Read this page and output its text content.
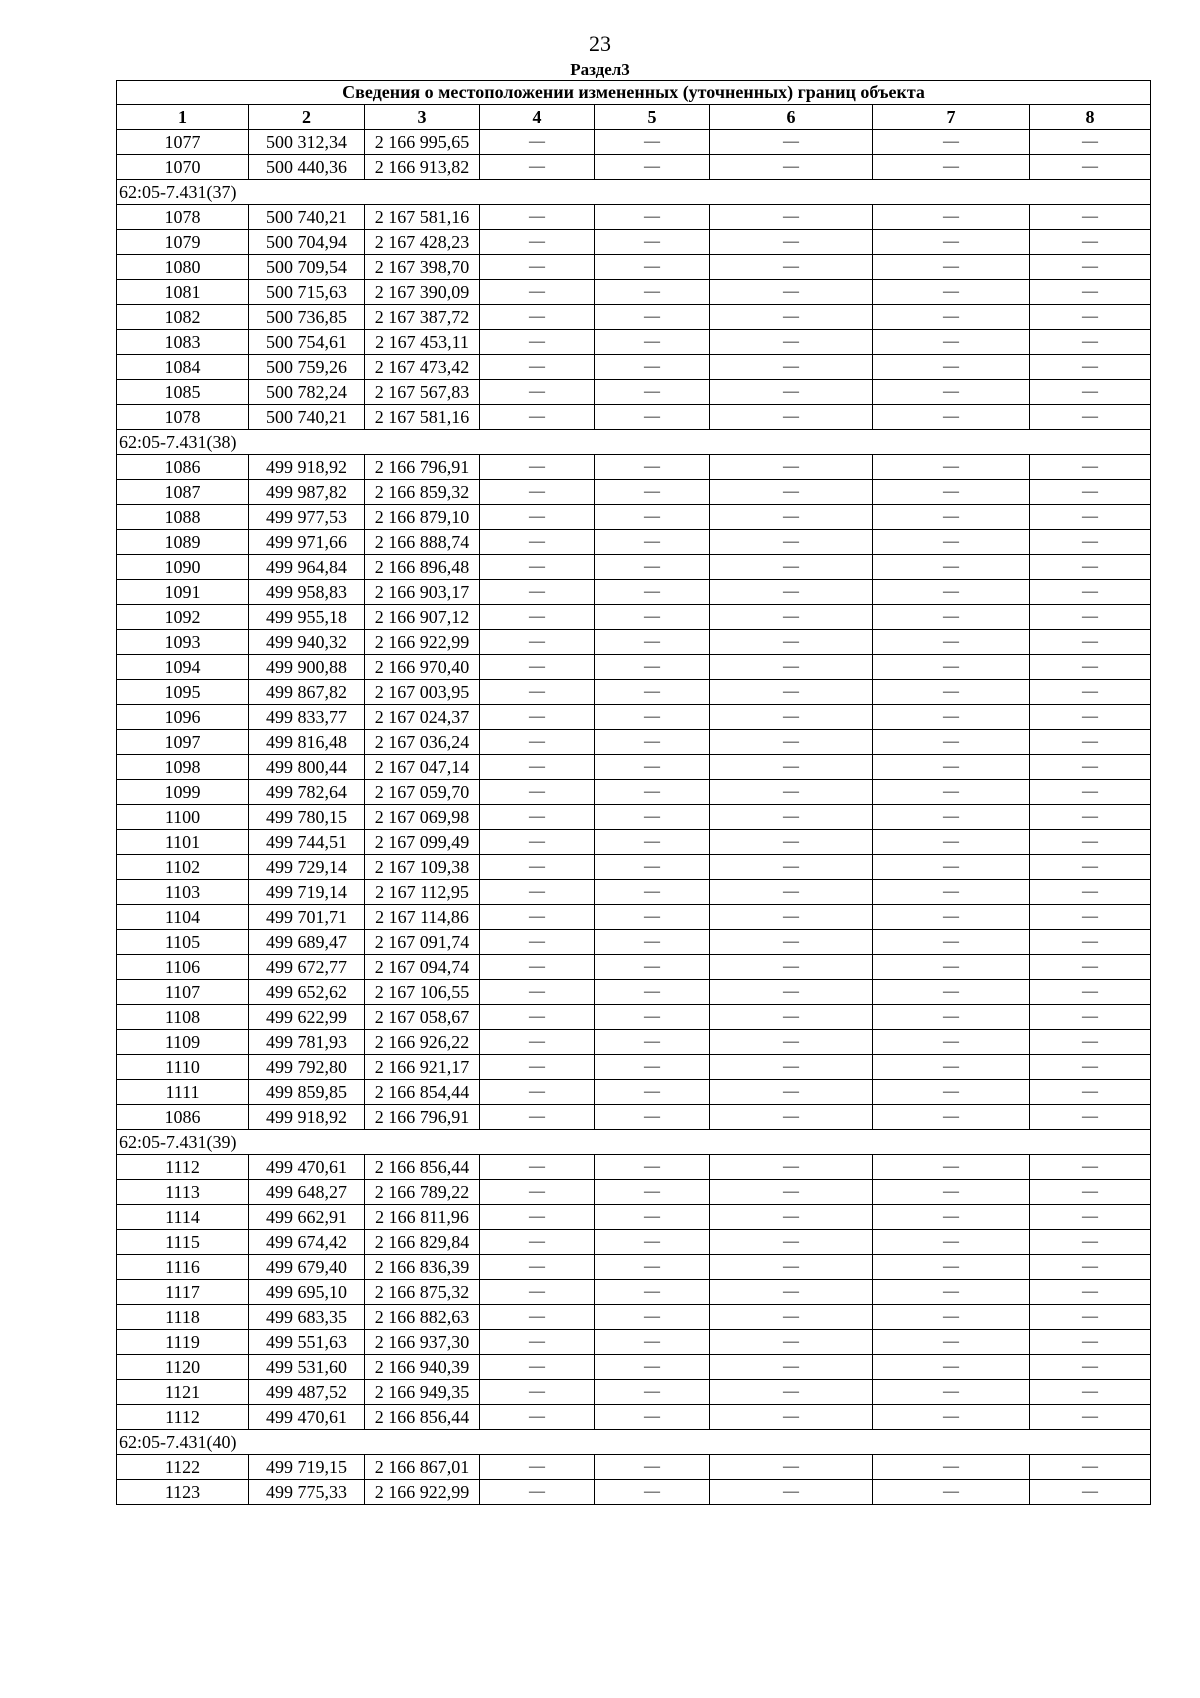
23
Раздел3
Сведения о местоположении измененных (уточненных) границ объекта							
1	2	3	4	5	6	7	8
1077	500 312,34	2 166 995,65	—	—	—	—	—
1070	500 440,36	2 166 913,82	—	—	—	—	—
62:05-7.431(37)							
1078	500 740,21	2 167 581,16	—	—	—	—	—
1079	500 704,94	2 167 428,23	—	—	—	—	—
1080	500 709,54	2 167 398,70	—	—	—	—	—
1081	500 715,63	2 167 390,09	—	—	—	—	—
1082	500 736,85	2 167 387,72	—	—	—	—	—
1083	500 754,61	2 167 453,11	—	—	—	—	—
1084	500 759,26	2 167 473,42	—	—	—	—	—
1085	500 782,24	2 167 567,83	—	—	—	—	—
1078	500 740,21	2 167 581,16	—	—	—	—	—
62:05-7.431(38)							
1086	499 918,92	2 166 796,91	—	—	—	—	—
1087	499 987,82	2 166 859,32	—	—	—	—	—
1088	499 977,53	2 166 879,10	—	—	—	—	—
1089	499 971,66	2 166 888,74	—	—	—	—	—
1090	499 964,84	2 166 896,48	—	—	—	—	—
1091	499 958,83	2 166 903,17	—	—	—	—	—
1092	499 955,18	2 166 907,12	—	—	—	—	—
1093	499 940,32	2 166 922,99	—	—	—	—	—
1094	499 900,88	2 166 970,40	—	—	—	—	—
1095	499 867,82	2 167 003,95	—	—	—	—	—
1096	499 833,77	2 167 024,37	—	—	—	—	—
1097	499 816,48	2 167 036,24	—	—	—	—	—
1098	499 800,44	2 167 047,14	—	—	—	—	—
1099	499 782,64	2 167 059,70	—	—	—	—	—
1100	499 780,15	2 167 069,98	—	—	—	—	—
1101	499 744,51	2 167 099,49	—	—	—	—	—
1102	499 729,14	2 167 109,38	—	—	—	—	—
1103	499 719,14	2 167 112,95	—	—	—	—	—
1104	499 701,71	2 167 114,86	—	—	—	—	—
1105	499 689,47	2 167 091,74	—	—	—	—	—
1106	499 672,77	2 167 094,74	—	—	—	—	—
1107	499 652,62	2 167 106,55	—	—	—	—	—
1108	499 622,99	2 167 058,67	—	—	—	—	—
1109	499 781,93	2 166 926,22	—	—	—	—	—
1110	499 792,80	2 166 921,17	—	—	—	—	—
1111	499 859,85	2 166 854,44	—	—	—	—	—
1086	499 918,92	2 166 796,91	—	—	—	—	—
62:05-7.431(39)							
1112	499 470,61	2 166 856,44	—	—	—	—	—
1113	499 648,27	2 166 789,22	—	—	—	—	—
1114	499 662,91	2 166 811,96	—	—	—	—	—
1115	499 674,42	2 166 829,84	—	—	—	—	—
1116	499 679,40	2 166 836,39	—	—	—	—	—
1117	499 695,10	2 166 875,32	—	—	—	—	—
1118	499 683,35	2 166 882,63	—	—	—	—	—
1119	499 551,63	2 166 937,30	—	—	—	—	—
1120	499 531,60	2 166 940,39	—	—	—	—	—
1121	499 487,52	2 166 949,35	—	—	—	—	—
1112	499 470,61	2 166 856,44	—	—	—	—	—
62:05-7.431(40)							
1122	499 719,15	2 166 867,01	—	—	—	—	—
1123	499 775,33	2 166 922,99	—	—	—	—	—
